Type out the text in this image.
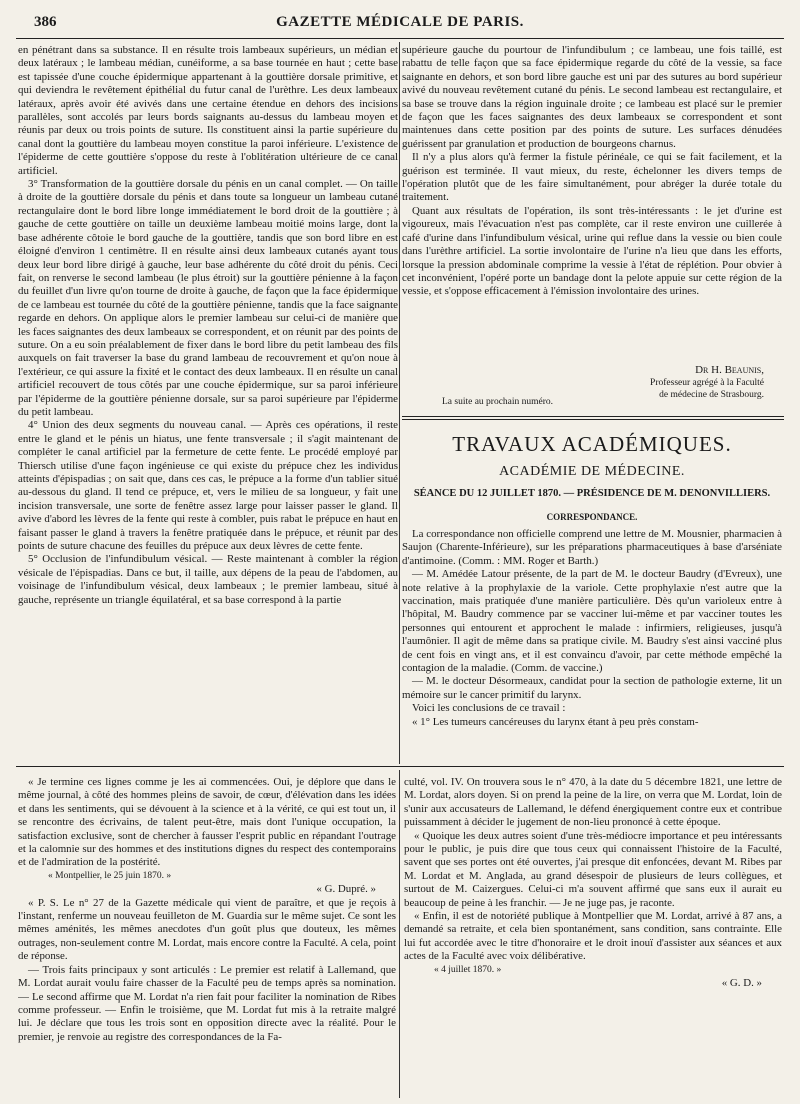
386	GAZETTE MÉDICALE DE PARIS.

en pénétrant dans sa substance. Il en résulte trois lambeaux supérieurs, un médian et deux latéraux ; le lambeau médian, cunéiforme, a sa base tournée en haut ; cette base est tapissée d'une couche épidermique appartenant à la gouttière dorsale primitive, et qui deviendra le revêtement épithélial du futur canal de l'urèthre. Les deux lambeaux latéraux, après avoir été avivés dans une certaine étendue en dehors des incisions parallèles, sont accolés par leurs bords saignants au-dessus du lambeau moyen et réunis par deux ou trois points de suture. Ils constituent ainsi la partie supérieure du canal dont la gouttière du lambeau moyen constitue la paroi inférieure. L'existence de l'épiderme de cette gouttière s'oppose du reste à l'oblitération ultérieure de ce canal artificiel.

3° Transformation de la gouttière dorsale du pénis en un canal complet. — On taille à droite de la gouttière dorsale du pénis et dans toute sa longueur un lambeau cutané rectangulaire dont le bord libre longe immédiatement le bord droit de la gouttière ; à gauche de cette gouttière on taille un deuxième lambeau moitié moins large, dont la base adhérente côtoie le bord gauche de la gouttière, tandis que son bord libre en est éloigné d'environ 1 centimètre. Il en résulte ainsi deux lambeaux cutanés ayant tous deux leur bord libre dirigé à gauche, leur base adhérente du côté droit du pénis. Ceci fait, on renverse le second lambeau (le plus étroit) sur la gouttière pénienne à la façon du feuillet d'un livre qu'on tourne de droite à gauche, de façon que la face épidermique de ce lambeau est tournée du côté de la gouttière pénienne, tandis que la face saignante regarde en dehors. On applique alors le premier lambeau sur celui-ci de manière que les faces saignantes des deux lambeaux se correspondent, et on réunit par des points de suture. On a eu soin préalablement de fixer dans le bord libre du petit lambeau des fils auxquels on fait traverser la base du grand lambeau de recouvrement et qu'on noue à l'extérieur, ce qui assure la fixité et le contact des deux lambeaux. Il en résulte un canal artificiel recouvert de tous côtés par une couche épidermique, sur sa paroi inférieure par l'épiderme de la gouttière pénienne dorsale, sur sa paroi supérieure par l'épiderme du petit lambeau.

4° Union des deux segments du nouveau canal. — Après ces opérations, il reste entre le gland et le pénis un hiatus, une fente transversale ; il s'agit maintenant de compléter le canal artificiel par la fermeture de cette fente. Le procédé employé par Thiersch utilise d'une façon ingénieuse ce qui existe du prépuce chez les individus atteints d'épispadias ; on sait que, dans ces cas, le prépuce a la forme d'un tablier situé au-dessous du gland. Il tend ce prépuce, et, vers le milieu de sa longueur, y fait une incision transversale, une sorte de fenêtre assez large pour laisser passer le gland. Il avive d'abord les lèvres de la fente qui reste à combler, puis rabat le prépuce en haut en faisant passer le gland à travers la fenêtre pratiquée dans le prépuce, et réunit par des points de suture chacune des feuilles du prépuce aux deux lèvres de cette fente.

5° Occlusion de l'infundibulum vésical. — Reste maintenant à combler la région vésicale de l'épispadias. Dans ce but, il taille, aux dépens de la peau de l'abdomen, au voisinage de l'infundibulum vésical, deux lambeaux ; le premier lambeau, situé à gauche, représente un triangle équilatéral, et sa base correspond à la partie

supérieure gauche du pourtour de l'infundibulum ; ce lambeau, une fois taillé, est rabattu de telle façon que sa face épidermique regarde du côté de la vessie, sa face saignante en dehors, et son bord libre gauche est uni par des sutures au bord supérieur avivé du nouveau revêtement cutané du pénis. Le second lambeau est rectangulaire, et sa base se trouve dans la région inguinale droite ; ce lambeau est placé sur le premier de façon que les faces saignantes des deux lambeaux se correspondent et sont maintenues dans cette position par des points de suture. Les surfaces dénudées guérissent par granulation et production de bourgeons charnus.

Il n'y a plus alors qu'à fermer la fistule périnéale, ce qui se fait facilement, et la guérison est terminée. Il vaut mieux, du reste, échelonner les divers temps de l'opération plutôt que de les faire simultanément, pour abréger la durée totale du traitement.

Quant aux résultats de l'opération, ils sont très-intéressants : le jet d'urine est vigoureux, mais l'évacuation n'est pas complète, car il reste environ une cuillerée à café d'urine dans l'infundibulum vésical, urine qui reflue dans la vessie ou bien coule dans l'urèthre artificiel. La sortie involontaire de l'urine n'a lieu que dans les efforts, lorsque la pression abdominale comprime la vessie à l'état de réplétion. Pour obvier à cet inconvénient, l'opéré porte un bandage dont la pelote appuie sur cette région de la vessie, et s'oppose efficacement à l'émission involontaire des urines.

Dr H. Beaunis,
Professeur agrégé à la Faculté
de médecine de Strasbourg.
La suite au prochain numéro.
TRAVAUX ACADÉMIQUES.
ACADÉMIE DE MÉDECINE.
SÉANCE DU 12 JUILLET 1870. — PRÉSIDENCE DE M. DENONVILLIERS.
CORRESPONDANCE.

La correspondance non officielle comprend une lettre de M. Mousnier, pharmacien à Saujon (Charente-Inférieure), sur les préparations pharmaceutiques à base d'arséniate d'antimoine. (Comm. : MM. Roger et Barth.)

— M. Amédée Latour présente, de la part de M. le docteur Baudry (d'Evreux), une note relative à la prophylaxie de la variole. Cette prophylaxie n'est autre que la vaccination, mais pratiquée d'une manière particulière. Dès qu'un varioleux entre à l'hôpital, M. Baudry commence par se vacciner lui-même et par vacciner toutes les personnes qui entourent et approchent le malade : infirmiers, religieuses, jusqu'à l'aumônier. Il agit de même dans sa pratique civile. M. Baudry s'est ainsi vacciné plus de cent fois en vingt ans, et il est convaincu d'avoir, par cette méthode empêché la contagion de la maladie. (Comm. de vaccine.)

— M. le docteur Désormeaux, candidat pour la section de pathologie externe, lit un mémoire sur le cancer primitif du larynx.

Voici les conclusions de ce travail :

« 1° Les tumeurs cancéreuses du larynx étant à peu près constam-

« Je termine ces lignes comme je les ai commencées. Oui, je déplore que dans le même journal, à côté des hommes pleins de savoir, de cœur, d'élévation dans les idées et dans les sentiments, qui se dévouent à la science et à la vérité, ce qui est tout un, il se rencontre des écrivains, de talent peut-être, mais dont l'unique occupation, la satisfaction exclusive, sont de chercher à fausser l'esprit public en répandant l'outrage et la calomnie sur des hommes et des institutions dignes du respect des contemporains et de l'admiration de la postérité.

« Montpellier, le 25 juin 1870. »

« G. Dupré. »

« P. S. Le n° 27 de la Gazette médicale qui vient de paraître, et que je reçois à l'instant, renferme un nouveau feuilleton de M. Guardia sur le même sujet. Ce sont les mêmes aménités, les mêmes anecdotes d'un goût plus que douteux, les mêmes outrages, non-seulement contre M. Lordat, mais encore contre la Faculté. A cela, point de réponse.

— Trois faits principaux y sont articulés : Le premier est relatif à Lallemand, que M. Lordat aurait voulu faire chasser de la Faculté peu de temps après sa nomination. — Le second affirme que M. Lordat n'a rien fait pour faciliter la nomination de Ribes comme professeur. — Enfin le troisième, que M. Lordat fut mis à la retraite malgré lui. Je déclare que tous les trois sont en opposition directe avec la réalité. Pour le premier, je renvoie au registre des correspondances de la Fa-

culté, vol. IV. On trouvera sous le n° 470, à la date du 5 décembre 1821, une lettre de M. Lordat, alors doyen. Si on prend la peine de la lire, on verra que M. Lordat, loin de s'unir aux accusateurs de Lallemand, le défend énergiquement contre eux et contribue puissamment à décider le jugement de non-lieu prononcé à cette époque.

« Quoique les deux autres soient d'une très-médiocre importance et peu intéressants pour le public, je puis dire que tous ceux qui connaissent l'histoire de la Faculté, savent que ses portes ont été ouvertes, j'ai presque dit enfoncées, devant M. Ribes par M. Lordat et M. Anglada, au grand désespoir de plusieurs de leurs collègues, et surtout de M. Caizergues. Celui-ci m'a souvent affirmé que sans eux il aurait eu beaucoup de peine à les franchir. — Je ne juge pas, je raconte.

« Enfin, il est de notoriété publique à Montpellier que M. Lordat, arrivé à 87 ans, a demandé sa retraite, et cela bien spontanément, sans condition, sans contrainte. Elle lui fut accordée avec le titre d'honoraire et le droit inouï d'assister aux séances et aux actes de la Faculté avec voix délibérative.

« 4 juillet 1870. »

« G. D. »
